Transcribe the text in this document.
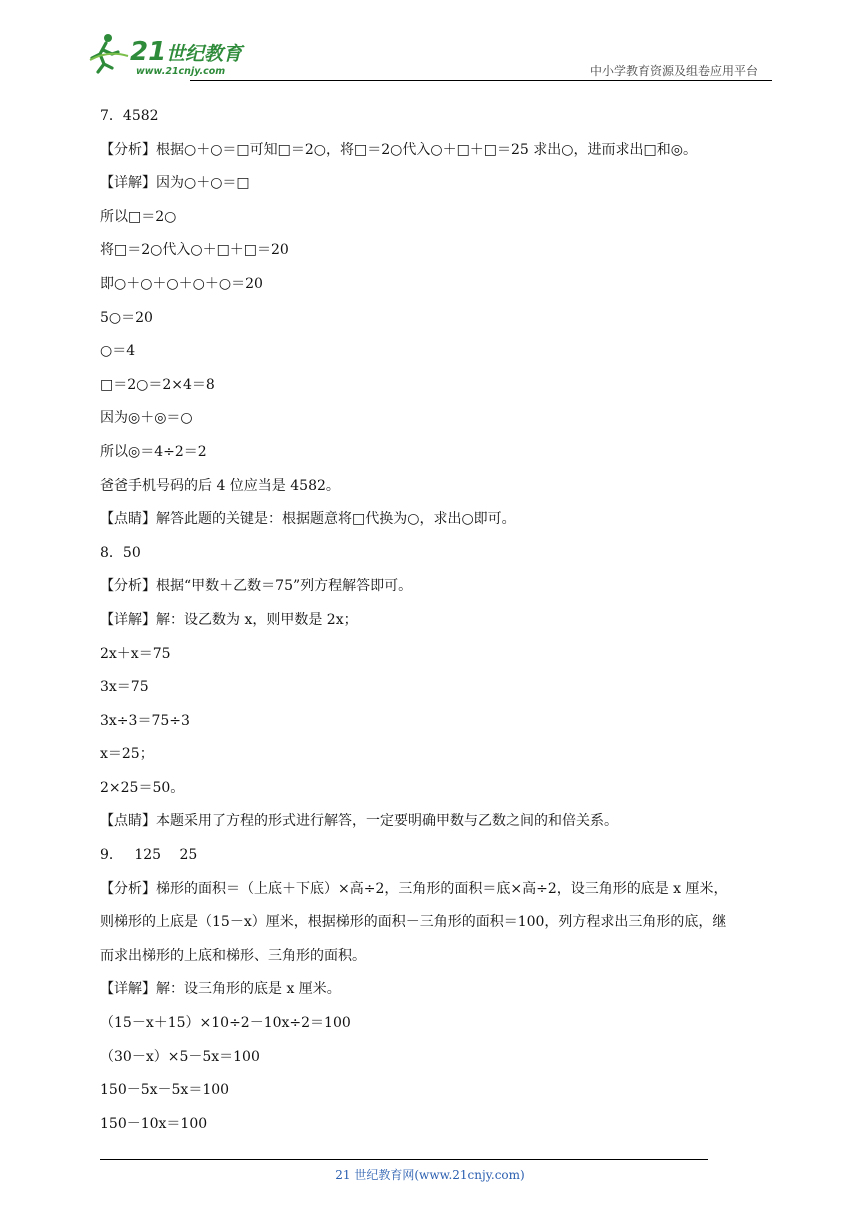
21 世纪教育
www.21cnjy.com	中小学教育资源及组卷应用平台

7．4582

【分析】根据○＋○＝□可知□＝2○，将□＝2○代入○＋□＋□＝25 求出○，进而求出□和◎。

【详解】因为○＋○＝□

所以□＝2○

将□＝2○代入○＋□＋□＝20

即○＋○＋○＋○＋○＝20

5○＝20

○＝4

□＝2○＝2×4＝8

因为◎＋◎＝○

所以◎＝4÷2＝2

爸爸手机号码的后 4 位应当是 4582。

【点睛】解答此题的关键是：根据题意将□代换为○，求出○即可。

8．50

【分析】根据“甲数＋乙数＝75”列方程解答即可。

【详解】解：设乙数为 x，则甲数是 2x；

2x＋x＝75

3x＝75

3x÷3＝75÷3

x＝25；

2×25＝50。

【点睛】本题采用了方程的形式进行解答，一定要明确甲数与乙数之间的和倍关系。

9．　 125　 25

【分析】梯形的面积＝（上底＋下底）×高÷2，三角形的面积＝底×高÷2，设三角形的底是 x 厘米，

则梯形的上底是（15－x）厘米，根据梯形的面积－三角形的面积＝100，列方程求出三角形的底，继

而求出梯形的上底和梯形、三角形的面积。

【详解】解：设三角形的底是 x 厘米。

（15－x＋15）×10÷2－10x÷2＝100

（30－x）×5－5x＝100

150－5x－5x＝100

150－10x＝100

21 世纪教育网(www.21cnjy.com)
